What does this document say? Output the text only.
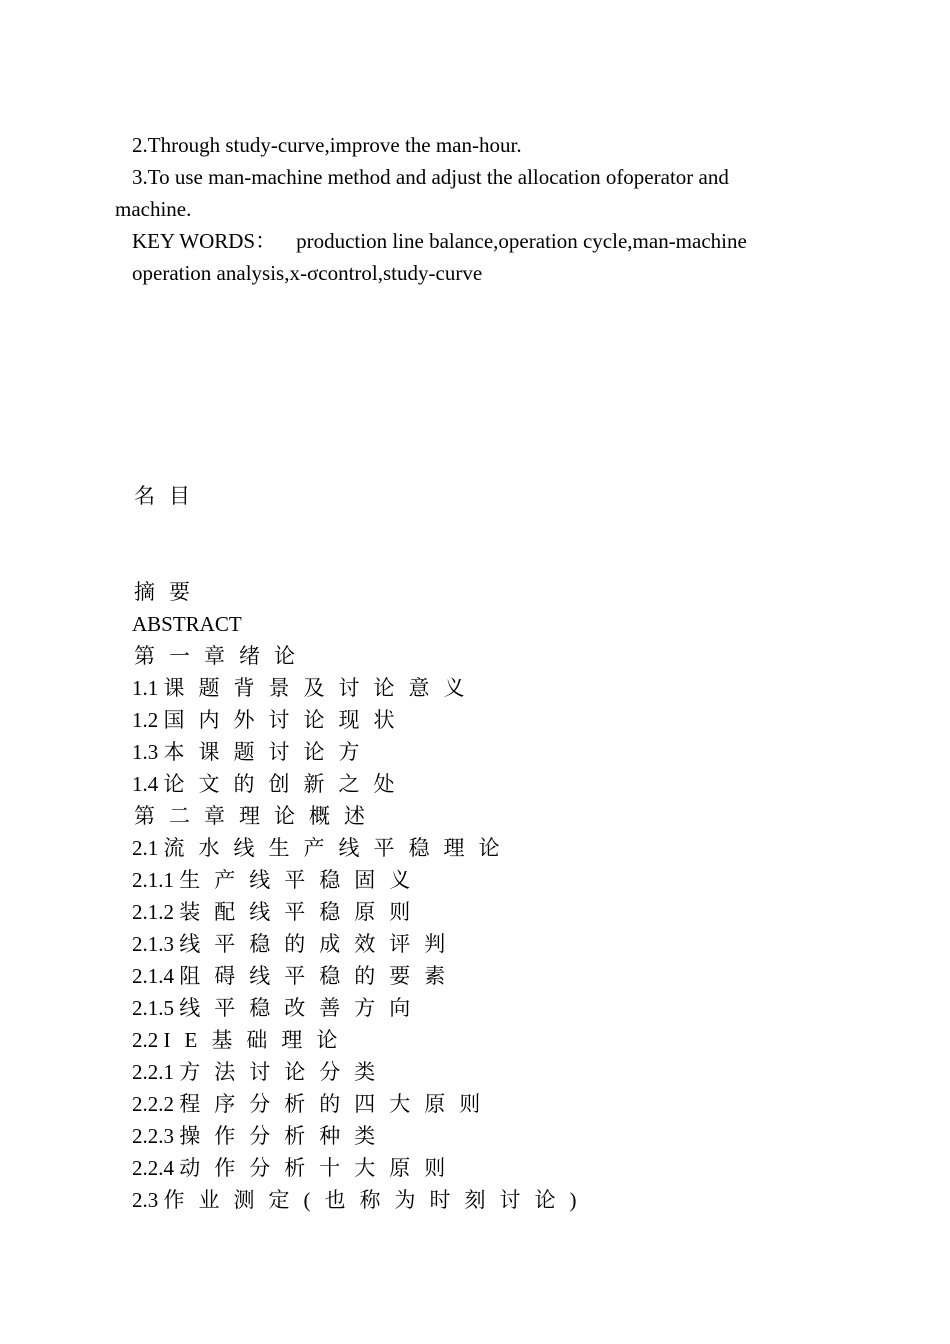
2.Through study-curve,improve the man-hour.
3.To use man-machine method and adjust the allocation ofoperator and
machine.
KEY WORDS： production line balance,operation cycle,man-machine
operation analysis,x-σcontrol,study-curve
名目
摘要
ABSTRACT
第一章绪论
1.1 课题背景及讨论意义
1.2 国内外讨论现状
1.3 本课题讨论方
1.4 论文的创新之处
第二章理论概述
2.1 流水线生产线平稳理论
2.1.1 生产线平稳固义
2.1.2 装配线平稳原则
2.1.3 线平稳的成效评判
2.1.4 阻碍线平稳的要素
2.1.5 线平稳改善方向
2.2 IE基础理论
2.2.1 方法讨论分类
2.2.2 程序分析的四大原则
2.2.3 操作分析种类
2.2.4 动作分析十大原则
2.3 作业测定(也称为时刻讨论)
